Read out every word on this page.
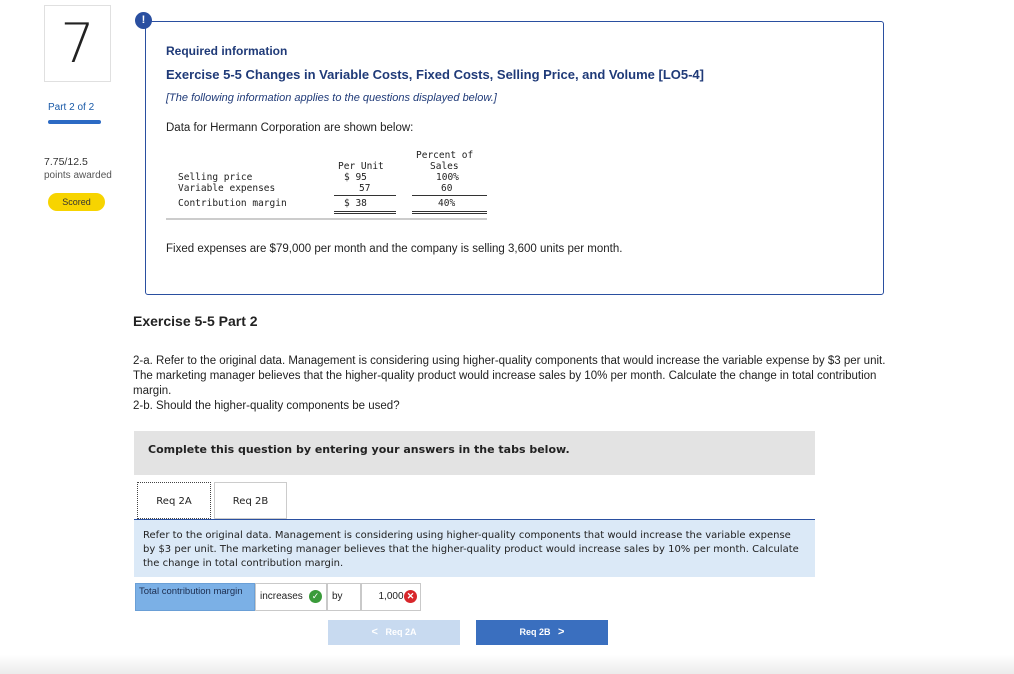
7
Part 2 of 2
7.75/12.5
points awarded
Scored
!
Required information
Exercise 5-5 Changes in Variable Costs, Fixed Costs, Selling Price, and Volume [LO5-4]
[The following information applies to the questions displayed below.]
Data for Hermann Corporation are shown below:
Per Unit
Percent of
Sales
Selling price	$ 95	100%
Variable expenses	57	60
Contribution margin	$ 38	40%
Fixed expenses are $79,000 per month and the company is selling 3,600 units per month.
Exercise 5-5 Part 2
2-a. Refer to the original data. Management is considering using higher-quality components that would increase the variable expense by $3 per unit. The marketing manager believes that the higher-quality product would increase sales by 10% per month. Calculate the change in total contribution margin.
2-b. Should the higher-quality components be used?
Complete this question by entering your answers in the tabs below.
Req 2A	Req 2B
Refer to the original data. Management is considering using higher-quality components that would increase the variable expense by $3 per unit. The marketing manager believes that the higher-quality product would increase sales by 10% per month. Calculate the change in total contribution margin.
Total contribution margin	increases ✓	by	1,000 ✕
< Req 2A	Req 2B >
